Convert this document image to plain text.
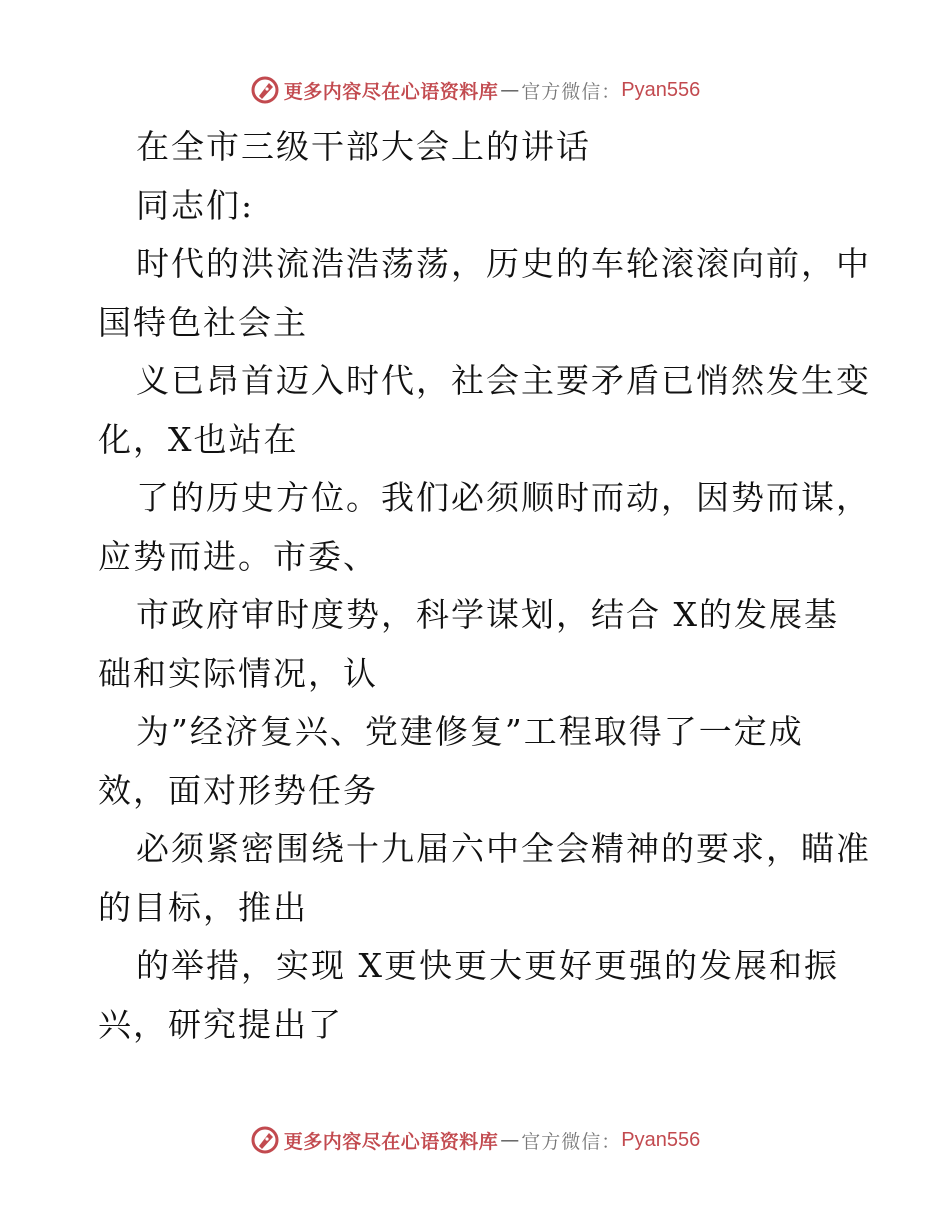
更多内容尽在心语资料库 — 官方微信： Pyan556
在全市三级干部大会上的讲话
同志们:
时代的洪流浩浩荡荡，历史的车轮滚滚向前，中
国特色社会主
义已昂首迈入时代，社会主要矛盾已悄然发生变
化，X也站在
了的历史方位。我们必须顺时而动，因势而谋，
应势而进。市委、
市政府审时度势，科学谋划，结合 X的发展基
础和实际情况，认
为”经济复兴、党建修复”工程取得了一定成
效，面对形势任务
必须紧密围绕十九届六中全会精神的要求，瞄准
的目标，推出
的举措，实现 X更快更大更好更强的发展和振
兴，研究提出了
更多内容尽在心语资料库 — 官方微信： Pyan556
